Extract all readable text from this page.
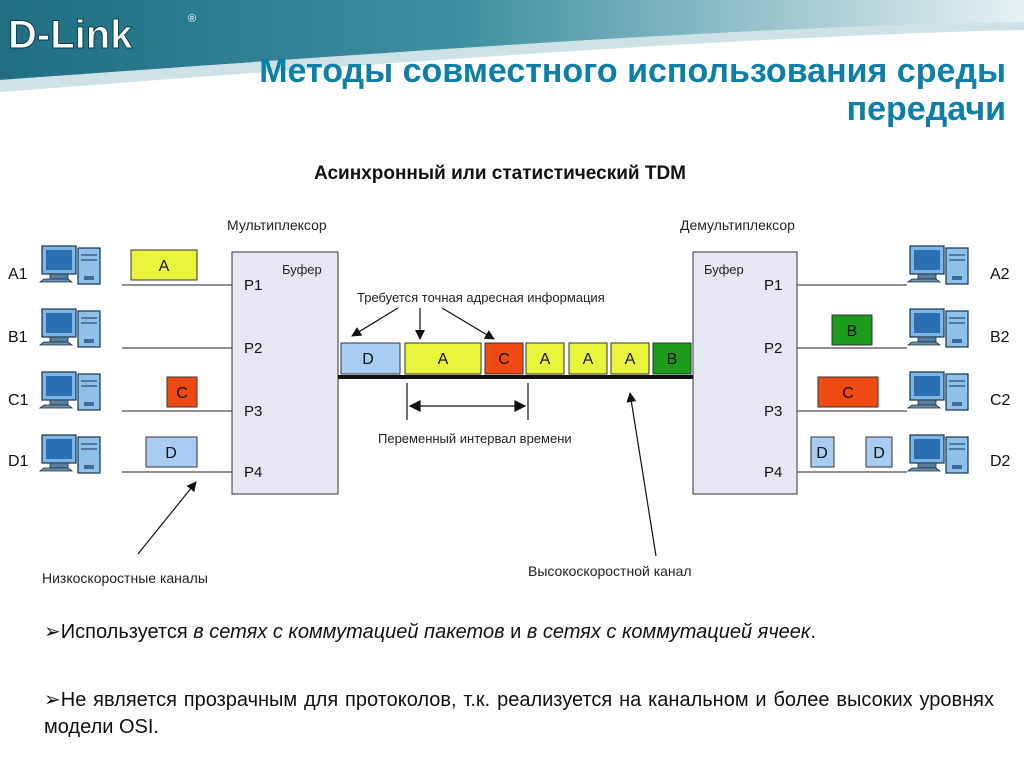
D-Link	®
Методы совместного использования среды
передачи
Асинхронный или статистический TDM
Мультиплексор	Демультиплексор
A1
B1
C1
D1
A2
B2
C2
D2
A
C
D
Буфер
P1
P2
P3
P4
Буфер
P1
P2
P3
P4
B
C
D	D
D	A	C A A A B
Требуется точная адресная информация
Переменный интервал времени
Высокоскоростной канал
Низкоскоростные каналы
➢Используется в сетях с коммутацией пакетов и в сетях с коммутацией ячеек.
➢Не является прозрачным для протоколов, т.к. реализуется на канальном и более высоких уровнях модели OSI.
